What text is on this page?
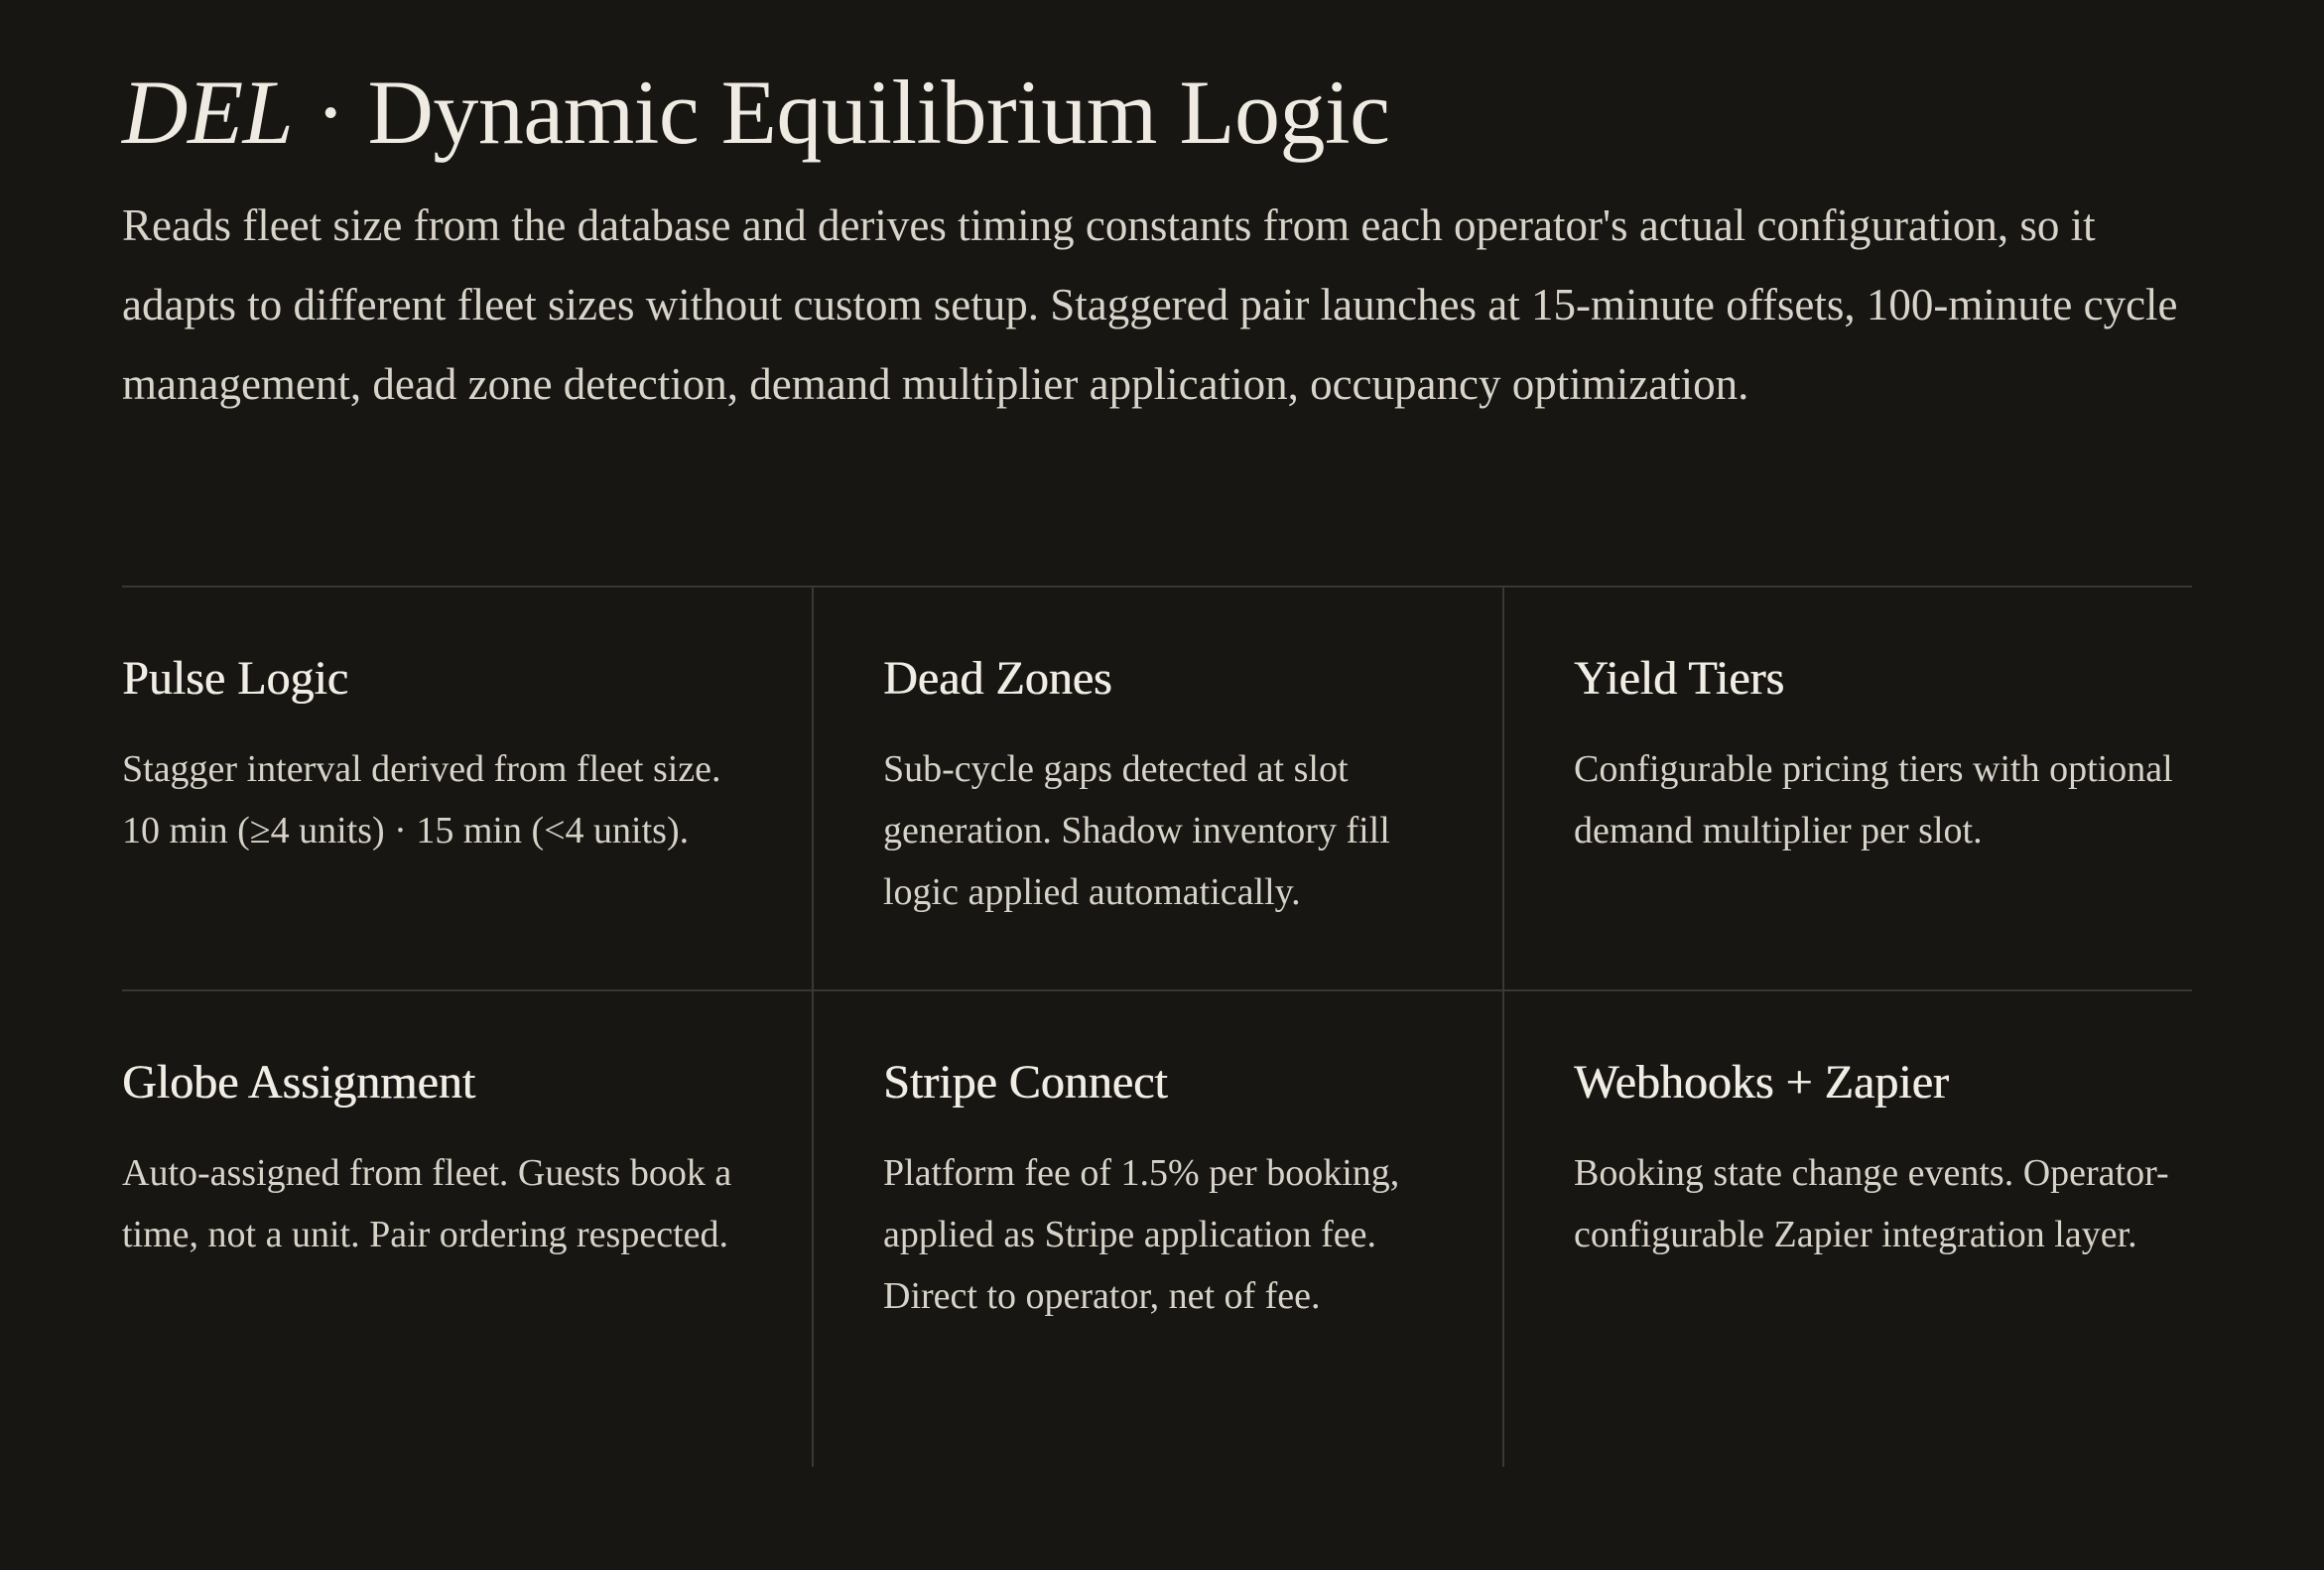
DEL · Dynamic Equilibrium Logic

Reads fleet size from the database and derives timing constants from each operator's actual configuration, so it adapts to different fleet sizes without custom setup. Staggered pair launches at 15-minute offsets, 100-minute cycle management, dead zone detection, demand multiplier application, occupancy optimization.

Pulse Logic

Stagger interval derived from fleet size. 10 min (≥4 units) · 15 min (<4 units).

Dead Zones

Sub-cycle gaps detected at slot generation. Shadow inventory fill logic applied automatically.

Yield Tiers

Configurable pricing tiers with optional demand multiplier per slot.

Globe Assignment

Auto-assigned from fleet. Guests book a time, not a unit. Pair ordering respected.

Stripe Connect

Platform fee of 1.5% per booking, applied as Stripe application fee. Direct to operator, net of fee.

Webhooks + Zapier

Booking state change events. Operator-configurable Zapier integration layer.
